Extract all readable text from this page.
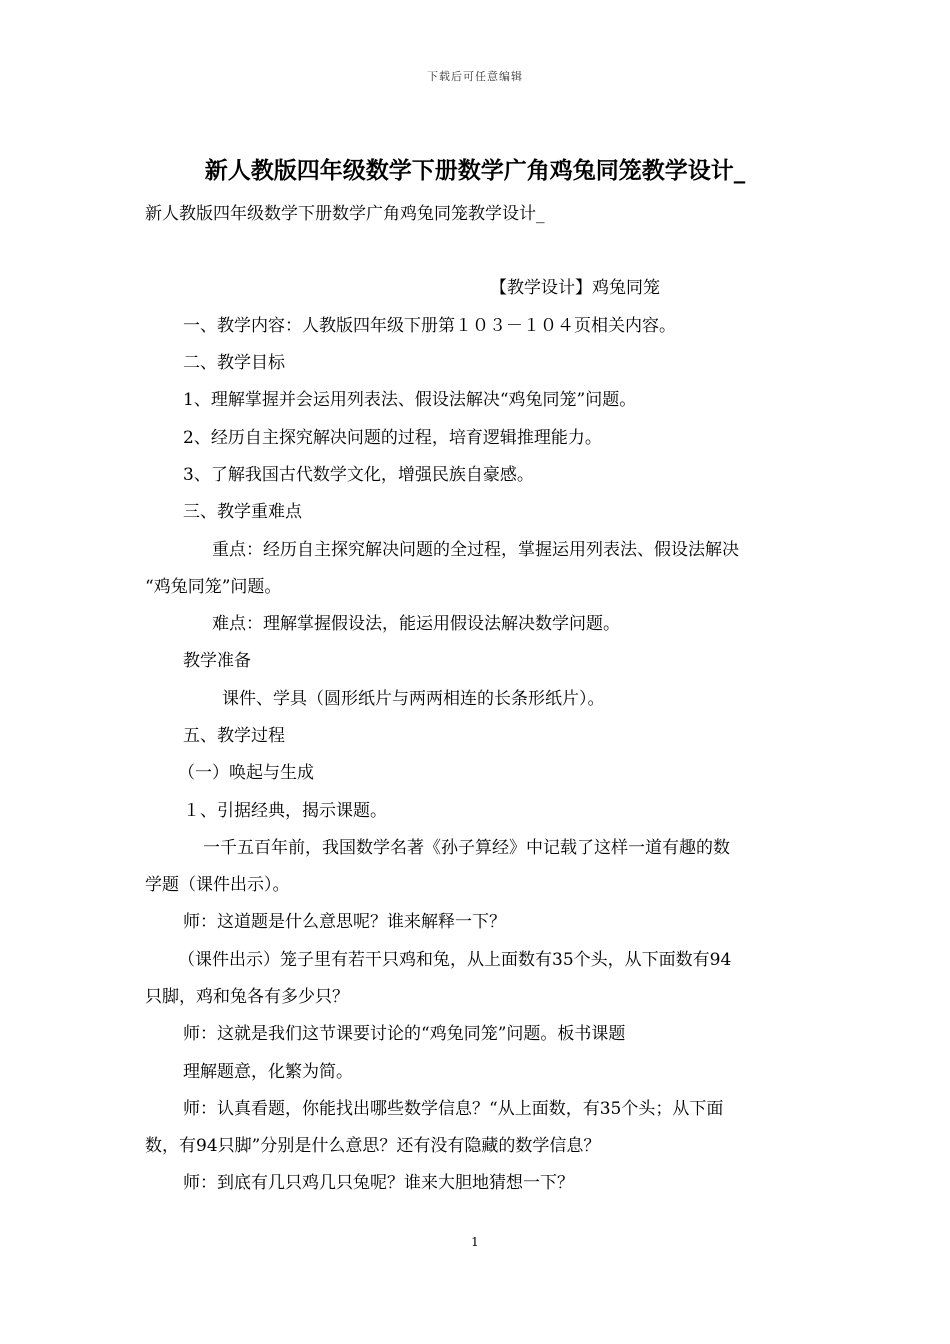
下载后可任意编辑
新人教版四年级数学下册数学广角鸡兔同笼教学设计_
新人教版四年级数学下册数学广角鸡兔同笼教学设计_
【教学设计】鸡兔同笼
一、教学内容：人教版四年级下册第１０３－１０４页相关内容。
二、教学目标
1、理解掌握并会运用列表法、假设法解决“鸡兔同笼”问题。
2、经历自主探究解决问题的过程，培育逻辑推理能力。
3、了解我国古代数学文化，增强民族自豪感。
三、教学重难点
重点：经历自主探究解决问题的全过程，掌握运用列表法、假设法解决
“鸡兔同笼”问题。
难点：理解掌握假设法，能运用假设法解决数学问题。
教学准备
课件、学具（圆形纸片与两两相连的长条形纸片）。
五、教学过程
（一）唤起与生成
１、引据经典，揭示课题。
一千五百年前，我国数学名著《孙子算经》中记载了这样一道有趣的数
学题（课件出示）。
师：这道题是什么意思呢？谁来解释一下？
（课件出示）笼子里有若干只鸡和兔，从上面数有35个头，从下面数有94
只脚，鸡和兔各有多少只？
师：这就是我们这节课要讨论的“鸡兔同笼”问题。板书课题
理解题意，化繁为简。
师：认真看题，你能找出哪些数学信息？“从上面数，有35个头；从下面
数，有94只脚”分别是什么意思？还有没有隐藏的数学信息？
师：到底有几只鸡几只兔呢？谁来大胆地猜想一下？
1
